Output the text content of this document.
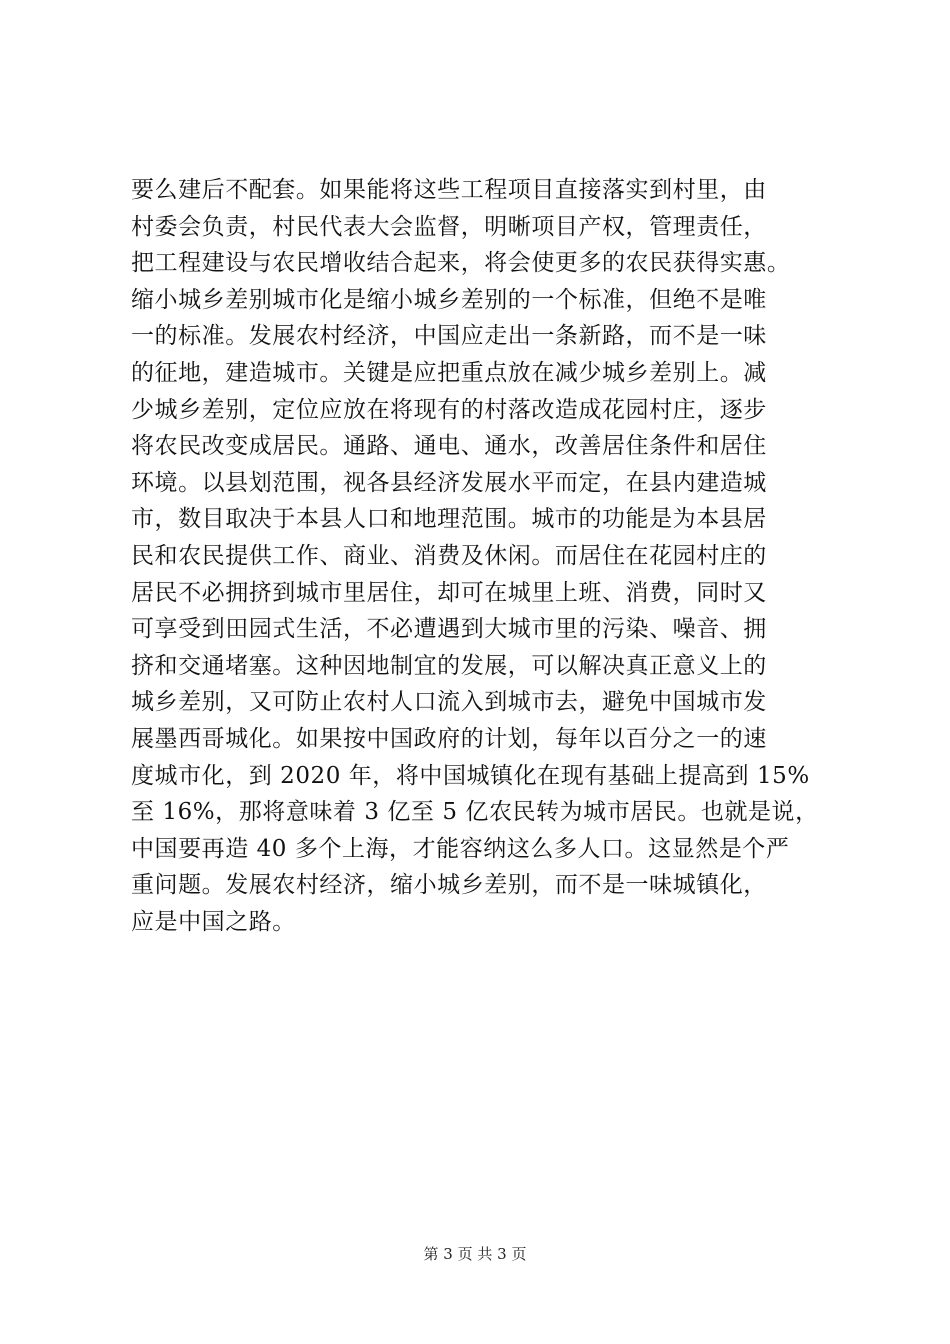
要么建后不配套。如果能将这些工程项目直接落实到村里，由
村委会负责，村民代表大会监督，明晰项目产权，管理责任，
把工程建设与农民增收结合起来，将会使更多的农民获得实惠。
缩小城乡差别城市化是缩小城乡差别的一个标准，但绝不是唯
一的标准。发展农村经济，中国应走出一条新路，而不是一味
的征地，建造城市。关键是应把重点放在减少城乡差别上。减
少城乡差别，定位应放在将现有的村落改造成花园村庄，逐步
将农民改变成居民。通路、通电、通水，改善居住条件和居住
环境。以县划范围，视各县经济发展水平而定，在县内建造城
市，数目取决于本县人口和地理范围。城市的功能是为本县居
民和农民提供工作、商业、消费及休闲。而居住在花园村庄的
居民不必拥挤到城市里居住，却可在城里上班、消费，同时又
可享受到田园式生活，不必遭遇到大城市里的污染、噪音、拥
挤和交通堵塞。这种因地制宜的发展，可以解决真正意义上的
城乡差别，又可防止农村人口流入到城市去，避免中国城市发
展墨西哥城化。如果按中国政府的计划，每年以百分之一的速
度城市化，到 2020 年，将中国城镇化在现有基础上提高到 15%
至 16%，那将意味着 3 亿至 5 亿农民转为城市居民。也就是说，
中国要再造 40 多个上海，才能容纳这么多人口。这显然是个严
重问题。发展农村经济，缩小城乡差别，而不是一味城镇化，
应是中国之路。
第 3 页 共 3 页
